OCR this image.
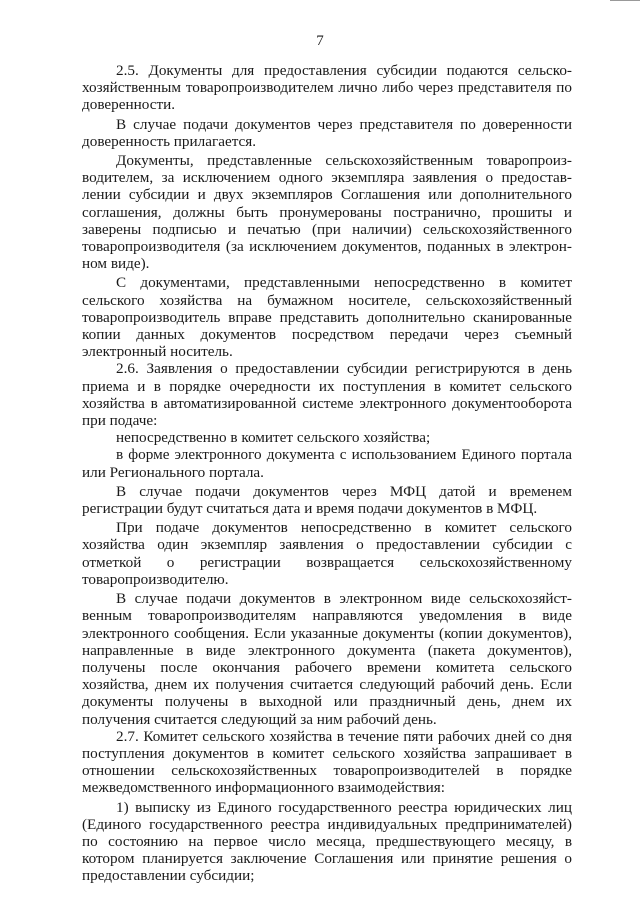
7

2.5. Документы для предоставления субсидии подаются сельско-хозяйственным товаропроизводителем лично либо через представителя по доверенности.

В случае подачи документов через представителя по доверенности доверенность прилагается.

Документы, представленные сельскохозяйственным товаропроиз-водителем, за исключением одного экземпляра заявления о предостав-лении субсидии и двух экземпляров Соглашения или дополнительного соглашения, должны быть пронумерованы постранично, прошиты и заверены подписью и печатью (при наличии) сельскохозяйственного товаропроизводителя (за исключением документов, поданных в электрон-ном виде).

С документами, представленными непосредственно в комитет сельского хозяйства на бумажном носителе, сельскохозяйственный товаропроизводитель вправе представить дополнительно сканированные копии данных документов посредством передачи через съемный электронный носитель.

2.6. Заявления о предоставлении субсидии регистрируются в день приема и в порядке очередности их поступления в комитет сельского хозяйства в автоматизированной системе электронного документооборота при подаче:

непосредственно в комитет сельского хозяйства;

в форме электронного документа с использованием Единого портала или Регионального портала.

В случае подачи документов через МФЦ датой и временем регистрации будут считаться дата и время подачи документов в МФЦ.

При подаче документов непосредственно в комитет сельского хозяйства один экземпляр заявления о предоставлении субсидии с отметкой о регистрации возвращается сельскохозяйственному товаропроизводителю.

В случае подачи документов в электронном виде сельскохозяйст-венным товаропроизводителям направляются уведомления в виде электронного сообщения. Если указанные документы (копии документов), направленные в виде электронного документа (пакета документов), получены после окончания рабочего времени комитета сельского хозяйства, днем их получения считается следующий рабочий день. Если документы получены в выходной или праздничный день, днем их получения считается следующий за ним рабочий день.

2.7. Комитет сельского хозяйства в течение пяти рабочих дней со дня поступления документов в комитет сельского хозяйства запрашивает в отношении сельскохозяйственных товаропроизводителей в порядке межведомственного информационного взаимодействия:

1) выписку из Единого государственного реестра юридических лиц (Единого государственного реестра индивидуальных предпринимателей) по состоянию на первое число месяца, предшествующего месяцу, в котором планируется заключение Соглашения или принятие решения о предоставлении субсидии;
